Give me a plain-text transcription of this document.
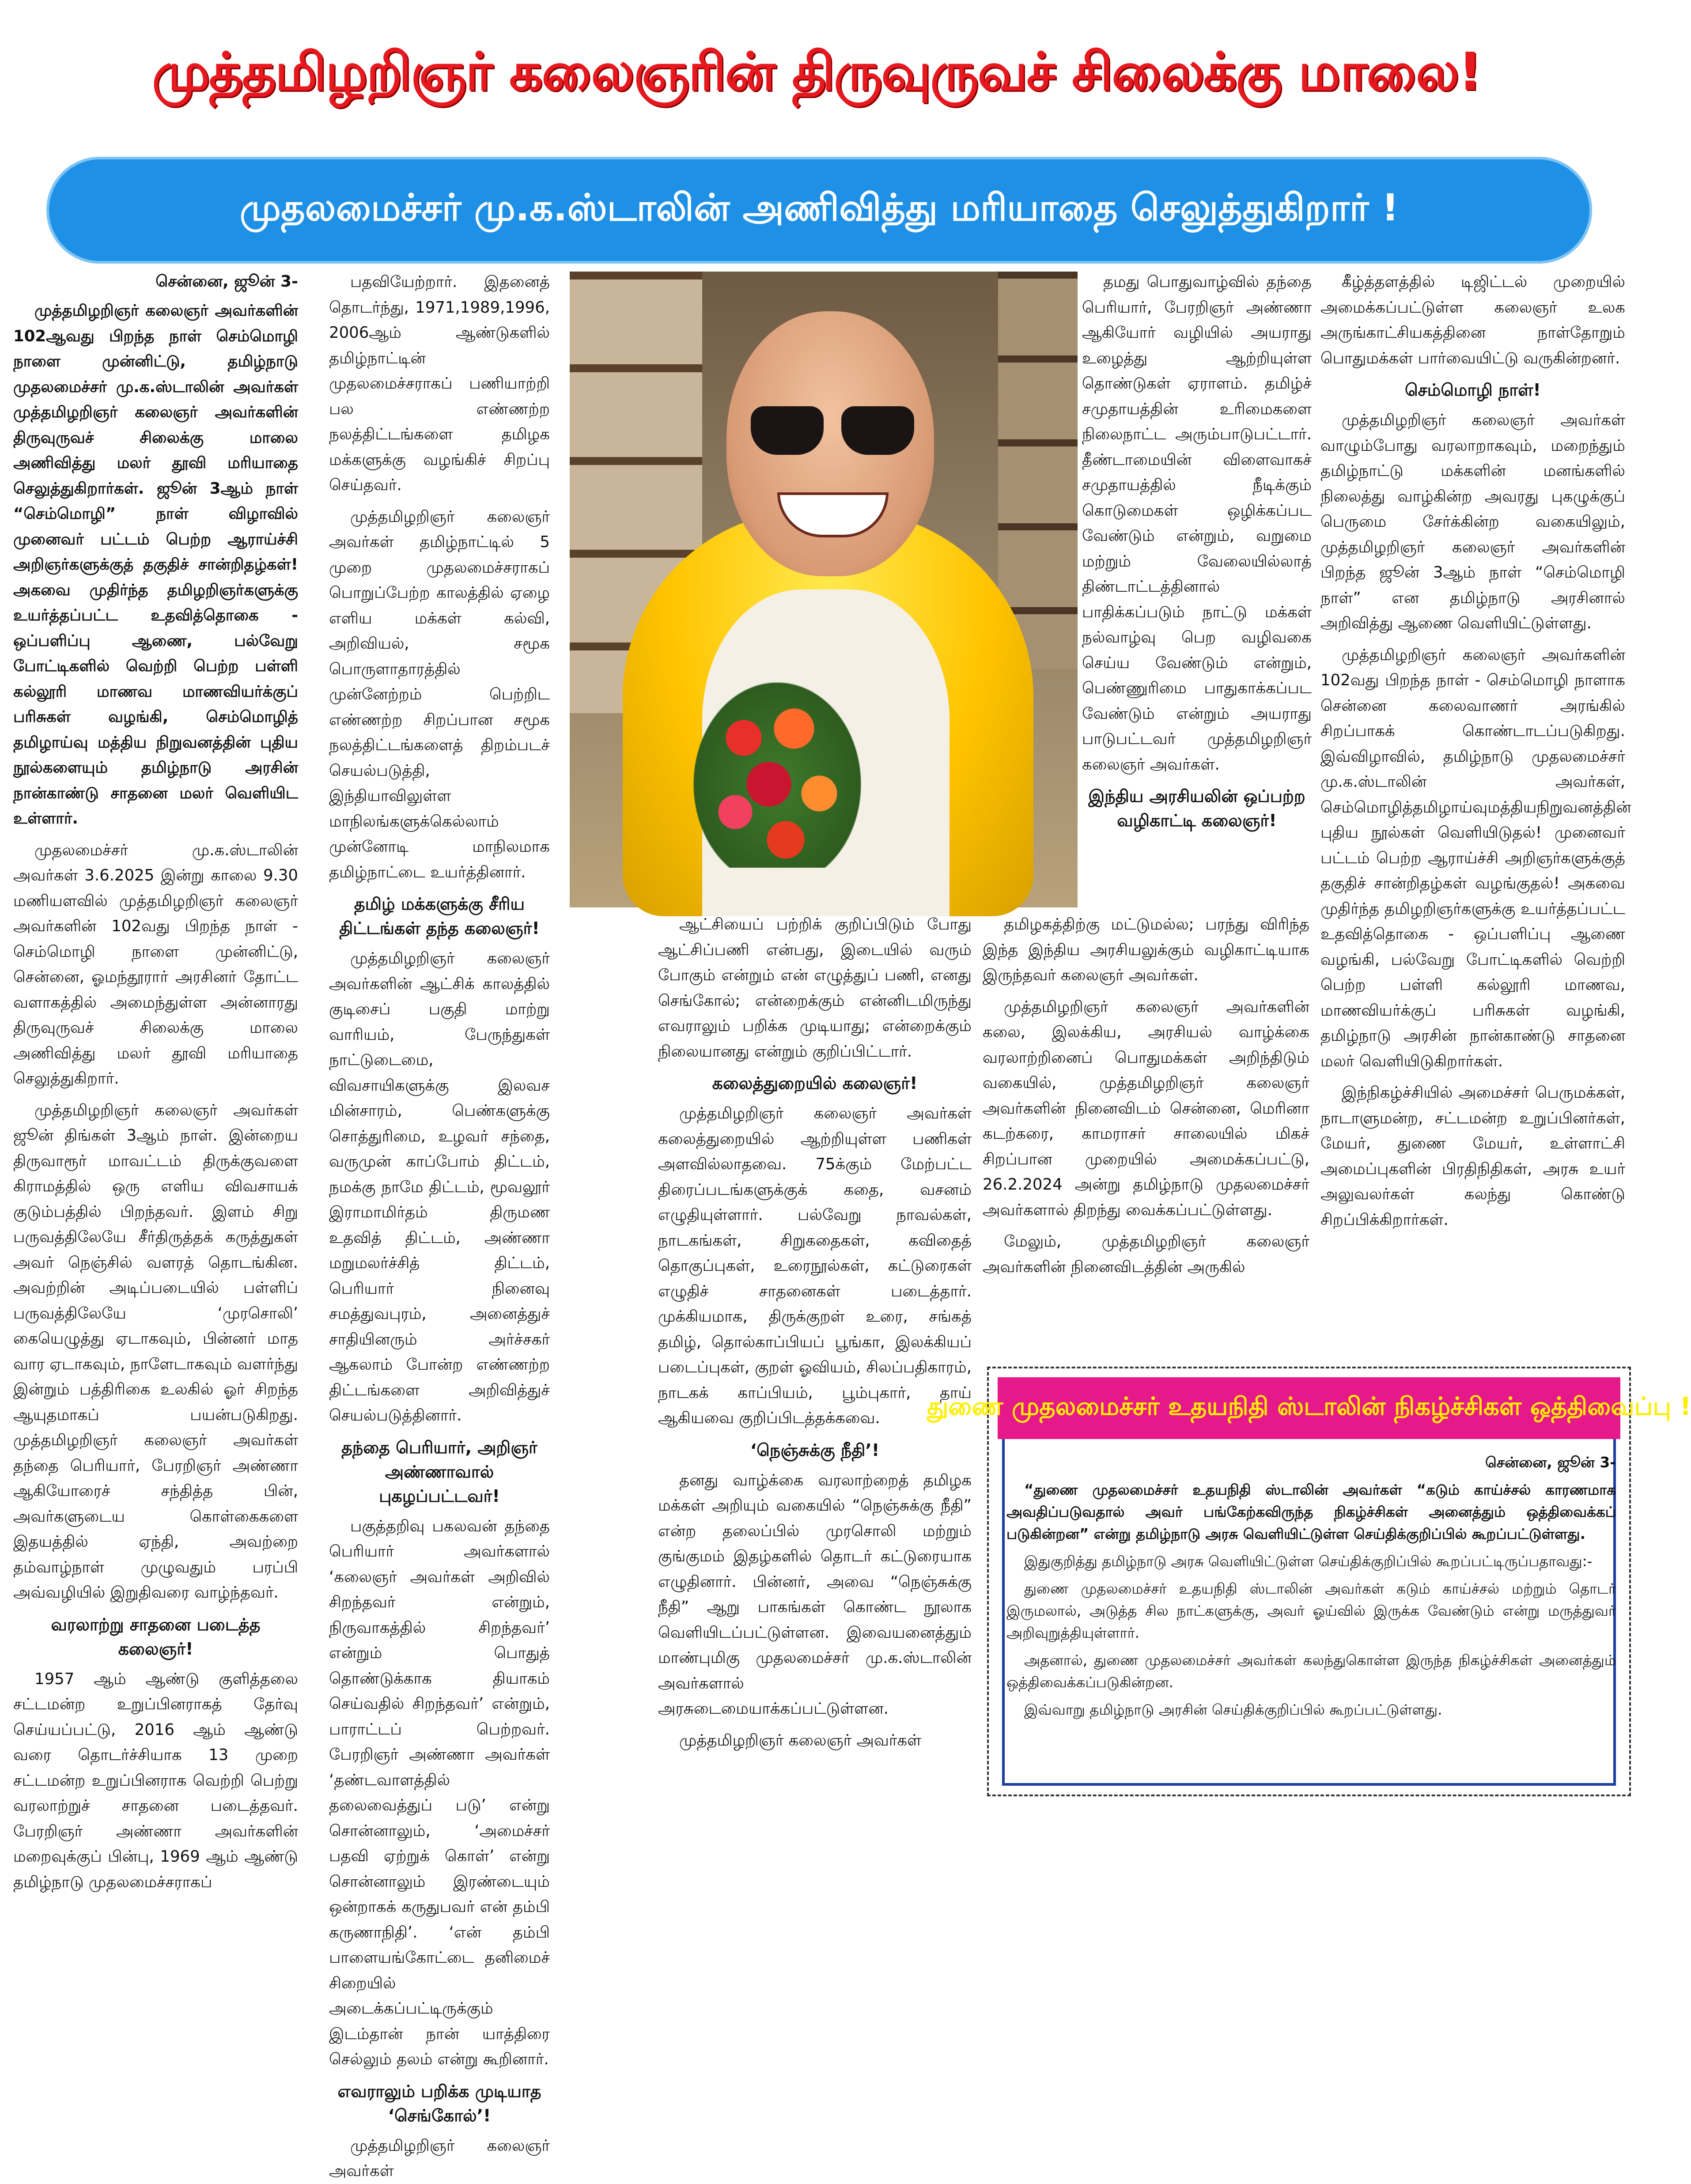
முத்தமிழறிஞர் கலைஞரின் திருவுருவச் சிலைக்கு மாலை!
முதலமைச்சர் மு.க.ஸ்டாலின் அணிவித்து மரியாதை செலுத்துகிறார் !
சென்னை, ஜூன் 3-

முத்தமிழறிஞர் கலைஞர் அவர்களின் 102ஆவது பிறந்த நாள் செம்மொழி நாளை முன்னிட்டு, தமிழ்நாடு முதலமைச்சர் மு.க.ஸ்டாலின் அவர்கள் முத்தமிழறிஞர் கலைஞர் அவர்களின் திருவுருவச் சிலைக்கு மாலை அணிவித்து மலர் தூவி மரியாதை செலுத்துகிறார்கள். ஜூன் 3ஆம் நாள் “செம்மொழி” நாள் விழாவில் முனைவர் பட்டம் பெற்ற ஆராய்ச்சி அறிஞர்களுக்குத் தகுதிச் சான்றிதழ்கள்! அகவை முதிர்ந்த தமிழறிஞர்களுக்கு உயர்த்தப்பட்ட உதவித்தொகை - ஒப்பளிப்பு ஆணை, பல்வேறு போட்டிகளில் வெற்றி பெற்ற பள்ளி கல்லூரி மாணவ மாணவியர்க்குப் பரிசுகள் வழங்கி, செம்மொழித் தமிழாய்வு மத்திய நிறுவனத்தின் புதிய நூல்களையும் தமிழ்நாடு அரசின் நான்காண்டு சாதனை மலர் வெளியிட உள்ளார்.

முதலமைச்சர் மு.க.ஸ்டாலின் அவர்கள் 3.6.2025 இன்று காலை 9.30 மணியளவில் முத்தமிழறிஞர் கலைஞர் அவர்களின் 102வது பிறந்த நாள் - செம்மொழி நாளை முன்னிட்டு, சென்னை, ஓமந்தூரார் அரசினர் தோட்ட வளாகத்தில் அமைந்துள்ள அன்னாரது திருவுருவச் சிலைக்கு மாலை அணிவித்து மலர் தூவி மரியாதை செலுத்துகிறார்.

முத்தமிழறிஞர் கலைஞர் அவர்கள் ஜூன் திங்கள் 3ஆம் நாள். இன்றைய திருவாரூர் மாவட்டம் திருக்குவளை கிராமத்தில் ஒரு எளிய விவசாயக் குடும்பத்தில் பிறந்தவர். இளம் சிறு பருவத்திலேயே சீர்திருத்தக் கருத்துகள் அவர் நெஞ்சில் வளரத் தொடங்கின. அவற்றின் அடிப்படையில் பள்ளிப் பருவத்திலேயே ‘முரசொலி’ கையெழுத்து ஏடாகவும், பின்னர் மாத வார ஏடாகவும், நாளேடாகவும் வளர்ந்து இன்றும் பத்திரிகை உலகில் ஓர் சிறந்த ஆயுதமாகப் பயன்படுகிறது. முத்தமிழறிஞர் கலைஞர் அவர்கள் தந்தை பெரியார், பேரறிஞர் அண்ணா ஆகியோரைச் சந்தித்த பின், அவர்களுடைய கொள்கைகளை இதயத்தில் ஏந்தி, அவற்றை தம்வாழ்நாள் முழுவதும் பரப்பி அவ்வழியில் இறுதிவரை வாழ்ந்தவர்.

வரலாற்று சாதனை படைத்த கலைஞர்!

1957 ஆம் ஆண்டு குளித்தலை சட்டமன்ற உறுப்பினராகத் தேர்வு செய்யப்பட்டு, 2016 ஆம் ஆண்டு வரை தொடர்ச்சியாக 13 முறை சட்டமன்ற உறுப்பினராக வெற்றி பெற்று வரலாற்றுச் சாதனை படைத்தவர். பேரறிஞர் அண்ணா அவர்களின் மறைவுக்குப் பின்பு, 1969 ஆம் ஆண்டு தமிழ்நாடு முதலமைச்சராகப்

பதவியேற்றார். இதனைத் தொடர்ந்து, 1971,1989,1996, 2006ஆம் ஆண்டுகளில் தமிழ்நாட்டின் முதலமைச்சராகப் பணியாற்றி பல எண்ணற்ற நலத்திட்டங்களை தமிழக மக்களுக்கு வழங்கிச் சிறப்பு செய்தவர்.

முத்தமிழறிஞர் கலைஞர் அவர்கள் தமிழ்நாட்டில் 5 முறை முதலமைச்சராகப் பொறுப்பேற்ற காலத்தில் ஏழை எளிய மக்கள் கல்வி, அறிவியல், சமூக பொருளாதாரத்தில் முன்னேற்றம் பெற்றிட எண்ணற்ற சிறப்பான சமூக நலத்திட்டங்களைத் திறம்படச் செயல்படுத்தி, இந்தியாவிலுள்ள மாநிலங்களுக்கெல்லாம் முன்னோடி மாநிலமாக தமிழ்நாட்டை உயர்த்தினார்.

தமிழ் மக்களுக்கு சீரிய திட்டங்கள் தந்த கலைஞர்!

முத்தமிழறிஞர் கலைஞர் அவர்களின் ஆட்சிக் காலத்தில் குடிசைப் பகுதி மாற்று வாரியம், பேருந்துகள் நாட்டுடைமை, விவசாயிகளுக்கு இலவச மின்சாரம், பெண்களுக்கு சொத்துரிமை, உழவர் சந்தை, வருமுன் காப்போம் திட்டம், நமக்கு நாமே திட்டம், மூவலூர் இராமாமிர்தம் திருமண உதவித் திட்டம், அண்ணா மறுமலர்ச்சித் திட்டம், பெரியார் நினைவு சமத்துவபுரம், அனைத்துச் சாதியினரும் அர்ச்சகர் ஆகலாம் போன்ற எண்ணற்ற திட்டங்களை அறிவித்துச் செயல்படுத்தினார்.

தந்தை பெரியார், அறிஞர் அண்ணாவால் புகழப்பட்டவர்!

பகுத்தறிவு பகலவன் தந்தை பெரியார் அவர்களால் ‘கலைஞர் அவர்கள் அறிவில் சிறந்தவர் என்றும், நிருவாகத்தில் சிறந்தவர்’ என்றும் பொதுத் தொண்டுக்காக தியாகம் செய்வதில் சிறந்தவர்’ என்றும், பாராட்டப் பெற்றவர். பேரறிஞர் அண்ணா அவர்கள் ‘தண்டவாளத்தில் தலைவைத்துப் படு’ என்று சொன்னாலும், ‘அமைச்சர் பதவி ஏற்றுக் கொள்’ என்று சொன்னாலும் இரண்டையும் ஒன்றாகக் கருதுபவர் என் தம்பி கருணாநிதி’. ‘என் தம்பி பாளையங்கோட்டை தனிமைச் சிறையில் அடைக்கப்பட்டிருக்கும் இடம்தான் நான் யாத்திரை செல்லும் தலம் என்று கூறினார்.

எவராலும் பறிக்க முடியாத ‘செங்கோல்’!

முத்தமிழறிஞர் கலைஞர் அவர்கள்

ஆட்சியைப் பற்றிக் குறிப்பிடும் போது ஆட்சிப்பணி என்பது, இடையில் வரும் போகும் என்றும் என் எழுத்துப் பணி, எனது செங்கோல்; என்றைக்கும் என்னிடமிருந்து எவராலும் பறிக்க முடியாது; என்றைக்கும் நிலையானது என்றும் குறிப்பிட்டார்.

கலைத்துறையில் கலைஞர்!

முத்தமிழறிஞர் கலைஞர் அவர்கள் கலைத்துறையில் ஆற்றியுள்ள பணிகள் அளவில்லாதவை. 75க்கும் மேற்பட்ட திரைப்படங்களுக்குக் கதை, வசனம் எழுதியுள்ளார். பல்வேறு நாவல்கள், நாடகங்கள், சிறுகதைகள், கவிதைத் தொகுப்புகள், உரைநூல்கள், கட்டுரைகள் எழுதிச் சாதனைகள் படைத்தார். முக்கியமாக, திருக்குறள் உரை, சங்கத் தமிழ், தொல்காப்பியப் பூங்கா, இலக்கியப் படைப்புகள், குறள் ஓவியம், சிலப்பதிகாரம், நாடகக் காப்பியம், பூம்புகார், தாய் ஆகியவை குறிப்பிடத்தக்கவை.

‘நெஞ்சுக்கு நீதி’!

தனது வாழ்க்கை வரலாற்றைத் தமிழக மக்கள் அறியும் வகையில் “நெஞ்சுக்கு நீதி” என்ற தலைப்பில் முரசொலி மற்றும் குங்குமம் இதழ்களில் தொடர் கட்டுரையாக எழுதினார். பின்னர், அவை “நெஞ்சுக்கு நீதி” ஆறு பாகங்கள் கொண்ட நூலாக வெளியிடப்பட்டுள்ளன. இவையனைத்தும் மாண்புமிகு முதலமைச்சர் மு.க.ஸ்டாலின் அவர்களால் அரசுடைமையாக்கப்பட்டுள்ளன.

முத்தமிழறிஞர் கலைஞர் அவர்கள்

தமது பொதுவாழ்வில் தந்தை பெரியார், பேரறிஞர் அண்ணா ஆகியோர் வழியில் அயராது உழைத்து ஆற்றியுள்ள தொண்டுகள் ஏராளம். தமிழ்ச் சமுதாயத்தின் உரிமைகளை நிலைநாட்ட அரும்பாடுபட்டார். தீண்டாமையின் விளைவாகச் சமுதாயத்தில் நீடிக்கும் கொடுமைகள் ஒழிக்கப்பட வேண்டும் என்றும், வறுமை மற்றும் வேலையில்லாத் திண்டாட்டத்தினால் பாதிக்கப்படும் நாட்டு மக்கள் நல்வாழ்வு பெற வழிவகை செய்ய வேண்டும் என்றும், பெண்ணுரிமை பாதுகாக்கப்பட வேண்டும் என்றும் அயராது பாடுபட்டவர் முத்தமிழறிஞர் கலைஞர் அவர்கள்.

இந்திய அரசியலின் ஒப்பற்ற வழிகாட்டி கலைஞர்!

தமிழகத்திற்கு மட்டுமல்ல; பரந்து விரிந்த இந்த இந்திய அரசியலுக்கும் வழிகாட்டியாக இருந்தவர் கலைஞர் அவர்கள்.

முத்தமிழறிஞர் கலைஞர் அவர்களின் கலை, இலக்கிய, அரசியல் வாழ்க்கை வரலாற்றினைப் பொதுமக்கள் அறிந்திடும் வகையில், முத்தமிழறிஞர் கலைஞர் அவர்களின் நினைவிடம் சென்னை, மெரினா கடற்கரை, காமராசர் சாலையில் மிகச் சிறப்பான முறையில் அமைக்கப்பட்டு, 26.2.2024 அன்று தமிழ்நாடு முதலமைச்சர் அவர்களால் திறந்து வைக்கப்பட்டுள்ளது.

மேலும், முத்தமிழறிஞர் கலைஞர் அவர்களின் நினைவிடத்தின் அருகில்

கீழ்த்தளத்தில் டிஜிட்டல் முறையில் அமைக்கப்பட்டுள்ள கலைஞர் உலக அருங்காட்சியகத்தினை நாள்தோறும் பொதுமக்கள் பார்வையிட்டு வருகின்றனர்.

செம்மொழி நாள்!

முத்தமிழறிஞர் கலைஞர் அவர்கள் வாழும்போது வரலாறாகவும், மறைந்தும் தமிழ்நாட்டு மக்களின் மனங்களில் நிலைத்து வாழ்கின்ற அவரது புகழுக்குப் பெருமை சேர்க்கின்ற வகையிலும், முத்தமிழறிஞர் கலைஞர் அவர்களின் பிறந்த ஜூன் 3ஆம் நாள் “செம்மொழி நாள்” என தமிழ்நாடு அரசினால் அறிவித்து ஆணை வெளியிட்டுள்ளது.

முத்தமிழறிஞர் கலைஞர் அவர்களின் 102வது பிறந்த நாள் - செம்மொழி நாளாக சென்னை கலைவாணர் அரங்கில் சிறப்பாகக் கொண்டாடப்படுகிறது. இவ்விழாவில், தமிழ்நாடு முதலமைச்சர் மு.க.ஸ்டாலின் அவர்கள், செம்மொழித்தமிழாய்வுமத்தியநிறுவனத்தின் புதிய நூல்கள் வெளியிடுதல்! முனைவர் பட்டம் பெற்ற ஆராய்ச்சி அறிஞர்களுக்குத் தகுதிச் சான்றிதழ்கள் வழங்குதல்! அகவை முதிர்ந்த தமிழறிஞர்களுக்கு உயர்த்தப்பட்ட உதவித்தொகை - ஒப்பளிப்பு ஆணை வழங்கி, பல்வேறு போட்டிகளில் வெற்றி பெற்ற பள்ளி கல்லூரி மாணவ, மாணவியர்க்குப் பரிசுகள் வழங்கி, தமிழ்நாடு அரசின் நான்காண்டு சாதனை மலர் வெளியிடுகிறார்கள்.

இந்நிகழ்ச்சியில் அமைச்சர் பெருமக்கள், நாடாளுமன்ற, சட்டமன்ற உறுப்பினர்கள், மேயர், துணை மேயர், உள்ளாட்சி அமைப்புகளின் பிரதிநிதிகள், அரசு உயர் அலுவலர்கள் கலந்து கொண்டு சிறப்பிக்கிறார்கள்.

துணை முதலமைச்சர் உதயநிதி ஸ்டாலின் நிகழ்ச்சிகள் ஒத்திவைப்பு !
சென்னை, ஜூன் 3-

“துணை முதலமைச்சர் உதயநிதி ஸ்டாலின் அவர்கள் “கடும் காய்ச்சல் காரணமாக அவதிப்படுவதால் அவர் பங்கேற்கவிருந்த நிகழ்ச்சிகள் அனைத்தும் ஒத்திவைக்கப் படுகின்றன” என்று தமிழ்நாடு அரசு வெளியிட்டுள்ள செய்திக்குறிப்பில் கூறப்பட்டுள்ளது.

இதுகுறித்து தமிழ்நாடு அரசு வெளியிட்டுள்ள செய்திக்குறிப்பில் கூறப்பட்டிருப்பதாவது:-

துணை முதலமைச்சர் உதயநிதி ஸ்டாலின் அவர்கள் கடும் காய்ச்சல் மற்றும் தொடர் இருமலால், அடுத்த சில நாட்களுக்கு, அவர் ஓய்வில் இருக்க வேண்டும் என்று மருத்துவர் அறிவுறுத்தியுள்ளார்.

அதனால், துணை முதலமைச்சர் அவர்கள் கலந்துகொள்ள இருந்த நிகழ்ச்சிகள் அனைத்தும் ஒத்திவைக்கப்படுகின்றன.

இவ்வாறு தமிழ்நாடு அரசின் செய்திக்குறிப்பில் கூறப்பட்டுள்ளது.
